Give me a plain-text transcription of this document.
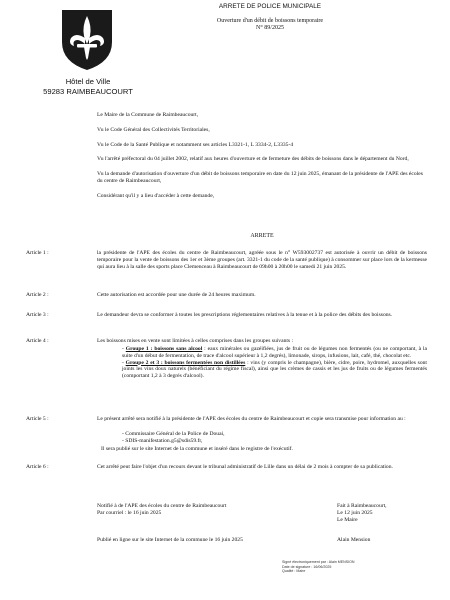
Hôtel de Ville
59283 RAIMBEAUCOURT
ARRETE DE POLICE MUNICIPALE
Ouverture d'un débit de boissons temporaire
N° 89/2025
Le Maire de la Commune de Raimbeaucourt,
Vu le Code Général des Collectivités Territoriales,
Vu le Code de la Santé Publique et notamment ses articles L3321-1, L 3334-2, L3335-4
Vu l'arrêté préfectoral du 04 juillet 2002, relatif aux heures d'ouverture et de fermeture des débits de boissons dans le département du Nord,
Vu la demande d'autorisation d'ouverture d'un débit de boissons temporaire en date du 12 juin 2025, émanant de la présidente de l'APE des écoles du centre de Raimbeaucourt,
Considérant qu'il y a lieu d'accéder à cette demande,
ARRETE
Article 1 :	la présidente de l'APE des écoles du centre de Raimbeaucourt, agréée sous le n° W593002737 est autorisée à ouvrir un débit de boissons temporaire pour la vente de boissons des 1er et 3ème groupes (art. 3321-1 du code de la santé publique) à consommer sur place lors de la kermesse qui aura lieu à la salle des sports place Clemenceau à Raimbeaucourt de 09h00 à 20h00 le samedi 21 juin 2025.
Article 2 :	Cette autorisation est accordée pour une durée de 24 heures maximum.
Article 3 :	Le demandeur devra se conformer à toutes les prescriptions réglementaires relatives à la tenue et à la police des débits des boissons.
Article 4 :	Les boissons mises en vente sont limitées à celles comprises dans les groupes suivants :
- Groupe 1 : boissons sans alcool : eaux minérales ou gazéifiées, jus de fruit ou de légumes non fermentés (ou ne comportant, à la suite d'un début de fermentation, de trace d'alcool supérieur à 1,2 degrés), limonade, sirops, infusions, lait, café, thé, chocolat etc.
- Groupe 2 et 3 : boissons fermentées non distillées : vins (y compris le champagne), bière, cidre, poire, hydromel, auxquelles sont joints les vins doux naturels (bénéficiant du régime fiscal), ainsi que les crèmes de cassis et les jus de fruits ou de légumes fermentés (comportant 1,2 à 3 degrés d'alcool).
Article 5 :	Le présent arrêté sera notifié à la présidente de l'APE des écoles du centre de Raimbeaucourt et copie sera transmise pour information au :
- Commissaire Général de la Police de Douai,
- SDIS-manifestation.g5@sdis59.fr,
Il sera publié sur le site Internet de la commune et inséré dans le registre de l'exécutif.
Article 6 :	Cet arrêté peut faire l'objet d'un recours devant le tribunal administratif de Lille dans un délai de 2 mois à compter de sa publication.
Notifié à de l'APE des écoles du centre de Raimbeaucourt
Par courriel : le 16 juin 2025
Fait à Raimbeaucourt,
Le 12 juin 2025
Le Maire
Publié en ligne sur le site Internet de la commune le 16 juin 2025	Alain Mension
Signé électroniquement par : Alain MENSION
Date de signature : 16/06/2025
Qualité : Maire
